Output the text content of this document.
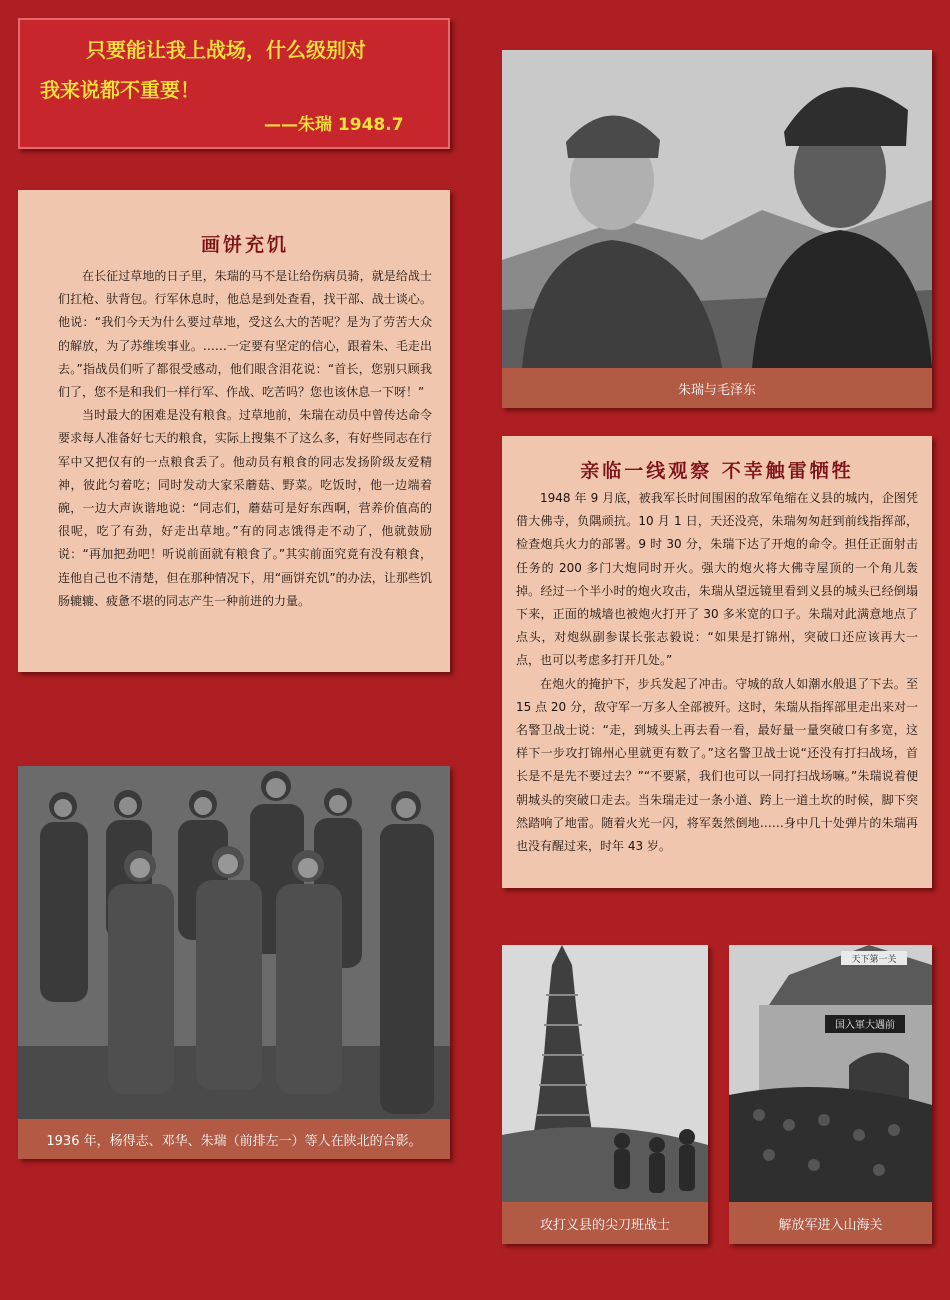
只要能让我上战场，什么级别对
我来说都不重要！
——朱瑞 1948.7
画饼充饥

在长征过草地的日子里，朱瑞的马不是让给伤病员骑，就是给战士们扛枪、驮背包。行军休息时，他总是到处查看，找干部、战士谈心。他说：“我们今天为什么要过草地，受这么大的苦呢？是为了劳苦大众的解放，为了苏维埃事业。……一定要有坚定的信心，跟着朱、毛走出去。”指战员们听了都很受感动，他们眼含泪花说：“首长，您别只顾我们了，您不是和我们一样行军、作战、吃苦吗？您也该休息一下呀！”

当时最大的困难是没有粮食。过草地前，朱瑞在动员中曾传达命令要求每人准备好七天的粮食，实际上搜集不了这么多，有好些同志在行军中又把仅有的一点粮食丢了。他动员有粮食的同志发扬阶级友爱精神，彼此匀着吃；同时发动大家采蘑菇、野菜。吃饭时，他一边端着碗，一边大声诙谐地说：“同志们，蘑菇可是好东西啊，营养价值高的很呢，吃了有劲，好走出草地。”有的同志饿得走不动了，他就鼓励说：“再加把劲吧！听说前面就有粮食了。”其实前面究竟有没有粮食，连他自己也不清楚，但在那种情况下，用“画饼充饥”的办法，让那些饥肠辘辘、疲惫不堪的同志产生一种前进的力量。

朱瑞与毛泽东
亲临一线观察 不幸触雷牺牲

1948 年 9 月底，被我军长时间围困的敌军龟缩在义县的城内，企图凭借大佛寺，负隅顽抗。10 月 1 日，天还没亮，朱瑞匆匆赶到前线指挥部，检查炮兵火力的部署。9 时 30 分，朱瑞下达了开炮的命令。担任正面射击任务的 200 多门大炮同时开火。强大的炮火将大佛寺屋顶的一个角儿轰掉。经过一个半小时的炮火攻击，朱瑞从望远镜里看到义县的城头已经倒塌下来，正面的城墙也被炮火打开了 30 多米宽的口子。朱瑞对此满意地点了点头，对炮纵副参谋长张志毅说：“如果是打锦州，突破口还应该再大一点，也可以考虑多打开几处。”

在炮火的掩护下，步兵发起了冲击。守城的敌人如潮水般退了下去。至 15 点 20 分，敌守军一万多人全部被歼。这时，朱瑞从指挥部里走出来对一名警卫战士说：“走，到城头上再去看一看，最好量一量突破口有多宽，这样下一步攻打锦州心里就更有数了。”这名警卫战士说“还没有打扫战场，首长是不是先不要过去？”“不要紧，我们也可以一同打扫战场嘛。”朱瑞说着便朝城头的突破口走去。当朱瑞走过一条小道、跨上一道土坎的时候，脚下突然踏响了地雷。随着火光一闪，将军轰然倒地……身中几十处弹片的朱瑞再也没有醒过来，时年 43 岁。

1936 年，杨得志、邓华、朱瑞（前排左一）等人在陕北的合影。
攻打义县的尖刀班战士
天下第一关
国入軍大遇前
解放军进入山海关
